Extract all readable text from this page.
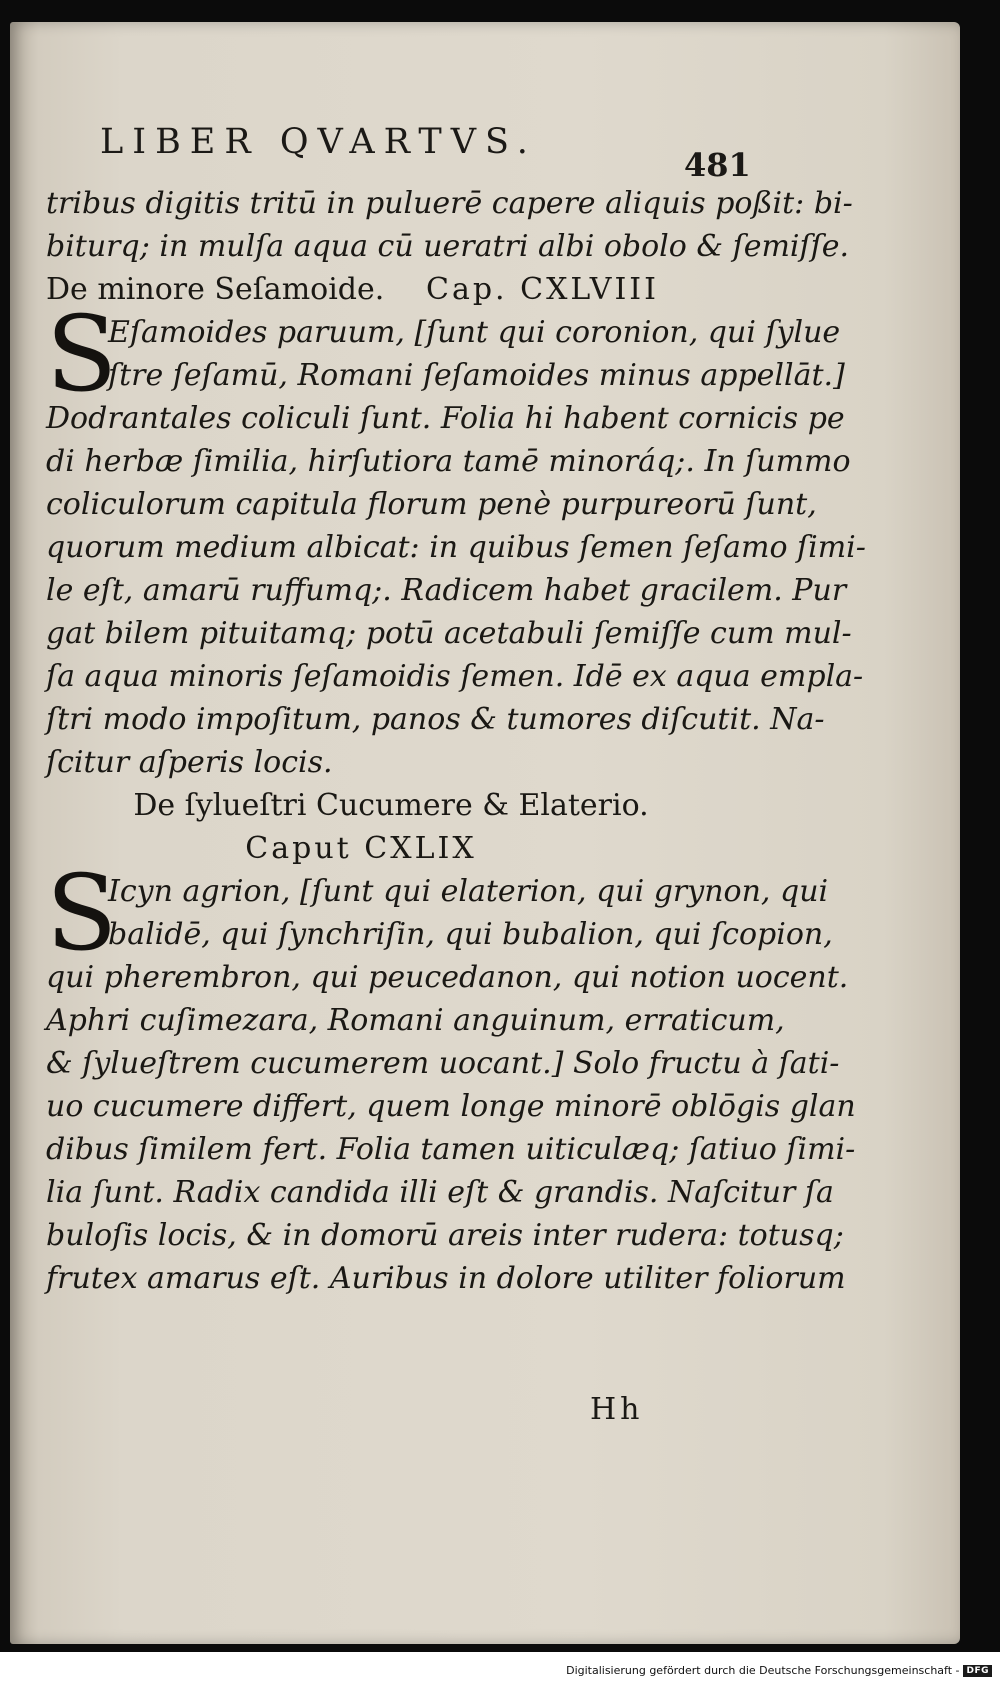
LIBER QVARTVS.
481
tribus digitis tritū in puluerē capere aliquis poßit: bi-
biturq; in mulſa aqua cū ueratri albi obolo & ſemiſſe.
De minore Seſamoide. Cap. CXLVIII
S
Eſamoides paruum, [ſunt qui coronion, qui ſylue
ſtre ſeſamū, Romani ſeſamoides minus appellāt.]
Dodrantales coliculi ſunt. Folia hi habent cornicis pe
di herbæ ſimilia, hirſutiora tamē minoráq;. In ſummo
coliculorum capitula florum penè purpureorū ſunt,
quorum medium albicat: in quibus ſemen ſeſamo ſimi-
le eſt, amarū ruffumq;. Radicem habet gracilem. Pur
gat bilem pituitamq; potū acetabuli ſemiſſe cum mul-
ſa aqua minoris ſeſamoidis ſemen. Idē ex aqua empla-
ſtri modo impoſitum, panos & tumores diſcutit. Na-
ſcitur aſperis locis.
De ſylueſtri Cucumere & Elaterio.
Caput CXLIX
S
Icyn agrion, [ſunt qui elaterion, qui grynon, qui
balidē, qui ſynchriſin, qui bubalion, qui ſcopion,
qui pherembron, qui peucedanon, qui notion uocent.
Aphri cuſimezara, Romani anguinum, erraticum,
& ſylueſtrem cucumerem uocant.] Solo fructu à ſati-
uo cucumere differt, quem longe minorē oblōgis glan
dibus ſimilem fert. Folia tamen uiticulæq; ſatiuo ſimi-
lia ſunt. Radix candida illi eſt & grandis. Naſcitur ſa
buloſis locis, & in domorū areis inter rudera: totusq;
frutex amarus eſt. Auribus in dolore utiliter foliorum
Hh
Digitalisierung gefördert durch die Deutsche Forschungsgemeinschaft - DFG
